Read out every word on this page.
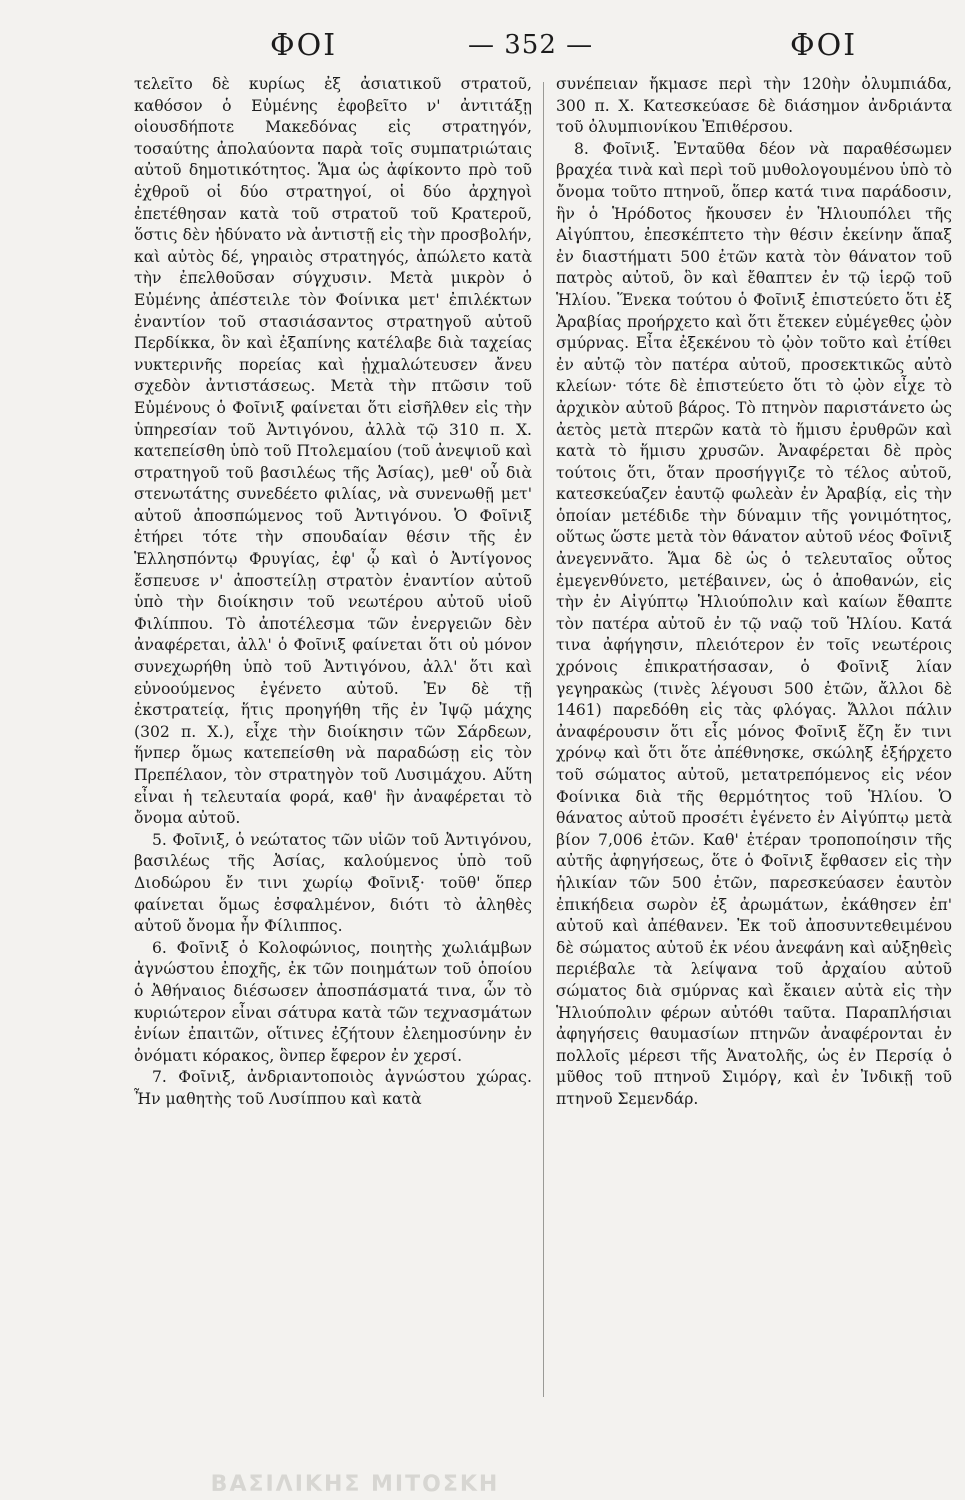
ΦΟΙ	— 352 —	ΦΟΙ

τελεῖτο δὲ κυρίως ἐξ ἀσιατικοῦ στρατοῦ, καθόσον ὁ Εὐμένης ἐφοβεῖτο ν' ἀντιτάξῃ οἱουσδήποτε Μακεδόνας εἰς στρατηγόν, τοσαύτης ἀπολαύοντα παρὰ τοῖς συμπατριώταις αὐτοῦ δημοτικότητος. Ἅμα ὡς ἀφίκοντο πρὸ τοῦ ἐχθροῦ οἱ δύο στρατηγοί, οἱ δύο ἀρχηγοὶ ἐπετέθησαν κατὰ τοῦ στρατοῦ τοῦ Κρατεροῦ, ὅστις δὲν ἠδύνατο νὰ ἀντιστῇ εἰς τὴν προσβολήν, καὶ αὐτὸς δέ, γηραιὸς στρατηγός, ἀπώλετο κατὰ τὴν ἐπελθοῦσαν σύγχυσιν. Μετὰ μικρὸν ὁ Εὐμένης ἀπέστειλε τὸν Φοίνικα μετ' ἐπιλέκτων ἐναντίον τοῦ στασιάσαντος στρατηγοῦ αὐτοῦ Περδίκκα, ὃν καὶ ἐξαπίνης κατέλαβε διὰ ταχείας νυκτερινῆς πορείας καὶ ᾐχμαλώτευσεν ἄνευ σχεδὸν ἀντιστάσεως. Μετὰ τὴν πτῶσιν τοῦ Εὐμένους ὁ Φοῖνιξ φαίνεται ὅτι εἰσῆλθεν εἰς τὴν ὑπηρεσίαν τοῦ Ἀντιγόνου, ἀλλὰ τῷ 310 π. Χ. κατεπείσθη ὑπὸ τοῦ Πτολεμαίου (τοῦ ἀνεψιοῦ καὶ στρατηγοῦ τοῦ βασιλέως τῆς Ἀσίας), μεθ' οὗ διὰ στενωτάτης συνεδέετο φιλίας, νὰ συνενωθῇ μετ' αὐτοῦ ἀποσπώμενος τοῦ Ἀντιγόνου. Ὁ Φοῖνιξ ἐτήρει τότε τὴν σπουδαίαν θέσιν τῆς ἐν Ἑλλησπόντῳ Φρυγίας, ἐφ' ᾧ καὶ ὁ Ἀντίγονος ἔσπευσε ν' ἀποστείλῃ στρατὸν ἐναντίον αὐτοῦ ὑπὸ τὴν διοίκησιν τοῦ νεωτέρου αὐτοῦ υἱοῦ Φιλίππου. Τὸ ἀποτέλεσμα τῶν ἐνεργειῶν δὲν ἀναφέρεται, ἀλλ' ὁ Φοῖνιξ φαίνεται ὅτι οὐ μόνον συνεχωρήθη ὑπὸ τοῦ Ἀντιγόνου, ἀλλ' ὅτι καὶ εὐνοούμενος ἐγένετο αὐτοῦ. Ἐν δὲ τῇ ἐκστρατείᾳ, ἥτις προηγήθη τῆς ἐν Ἰψῷ μάχης (302 π. Χ.), εἶχε τὴν διοίκησιν τῶν Σάρδεων, ἥνπερ ὅμως κατεπείσθη νὰ παραδώσῃ εἰς τὸν Πρεπέλαον, τὸν στρατηγὸν τοῦ Λυσιμάχου. Αὕτη εἶναι ἡ τελευταία φορά, καθ' ἣν ἀναφέρεται τὸ ὄνομα αὐτοῦ.

5. Φοῖνιξ, ὁ νεώτατος τῶν υἱῶν τοῦ Ἀντιγόνου, βασιλέως τῆς Ἀσίας, καλούμενος ὑπὸ τοῦ Διοδώρου ἔν τινι χωρίῳ Φοῖνιξ· τοῦθ' ὅπερ φαίνεται ὅμως ἐσφαλμένον, διότι τὸ ἀληθὲς αὐτοῦ ὄνομα ἦν Φίλιππος.

6. Φοῖνιξ ὁ Κολοφώνιος, ποιητὴς χωλιάμβων ἀγνώστου ἐποχῆς, ἐκ τῶν ποιημάτων τοῦ ὁποίου ὁ Ἀθήναιος διέσωσεν ἀποσπάσματά τινα, ὧν τὸ κυριώτερον εἶναι σάτυρα κατὰ τῶν τεχνασμάτων ἐνίων ἐπαιτῶν, οἵτινες ἐζήτουν ἐλεημοσύνην ἐν ὀνόματι κόρακος, ὃνπερ ἔφερον ἐν χερσί.

7. Φοῖνιξ, ἀνδριαντοποιὸς ἀγνώστου χώρας. Ἦν μαθητὴς τοῦ Λυσίππου καὶ κατὰ

συνέπειαν ἤκμασε περὶ τὴν 120ὴν ὀλυμπιάδα, 300 π. Χ. Κατεσκεύασε δὲ διάσημον ἀνδριάντα τοῦ ὀλυμπιονίκου Ἐπιθέρσου.

8. Φοῖνιξ. Ἐνταῦθα δέον νὰ παραθέσωμεν βραχέα τινὰ καὶ περὶ τοῦ μυθολογουμένου ὑπὸ τὸ ὄνομα τοῦτο πτηνοῦ, ὅπερ κατά τινα παράδοσιν, ἣν ὁ Ἡρόδοτος ἤκουσεν ἐν Ἡλιουπόλει τῆς Αἰγύπτου, ἐπεσκέπτετο τὴν θέσιν ἐκείνην ἅπαξ ἐν διαστήματι 500 ἐτῶν κατὰ τὸν θάνατον τοῦ πατρὸς αὐτοῦ, ὃν καὶ ἔθαπτεν ἐν τῷ ἱερῷ τοῦ Ἡλίου. Ἕνεκα τούτου ὁ Φοῖνιξ ἐπιστεύετο ὅτι ἐξ Ἀραβίας προήρχετο καὶ ὅτι ἔτεκεν εὐμέγεθες ᾠὸν σμύρνας. Εἶτα ἐξεκένου τὸ ᾠὸν τοῦτο καὶ ἐτίθει ἐν αὐτῷ τὸν πατέρα αὐτοῦ, προσεκτικῶς αὐτὸ κλείων· τότε δὲ ἐπιστεύετο ὅτι τὸ ᾠὸν εἶχε τὸ ἀρχικὸν αὐτοῦ βάρος. Τὸ πτηνὸν παριστάνετο ὡς ἀετὸς μετὰ πτερῶν κατὰ τὸ ἥμισυ ἐρυθρῶν καὶ κατὰ τὸ ἥμισυ χρυσῶν. Ἀναφέρεται δὲ πρὸς τούτοις ὅτι, ὅταν προσήγγιζε τὸ τέλος αὐτοῦ, κατεσκεύαζεν ἑαυτῷ φωλεὰν ἐν Ἀραβίᾳ, εἰς τὴν ὁποίαν μετέδιδε τὴν δύναμιν τῆς γονιμότητος, οὕτως ὥστε μετὰ τὸν θάνατον αὐτοῦ νέος Φοῖνιξ ἀνεγεννᾶτο. Ἅμα δὲ ὡς ὁ τελευταῖος οὗτος ἐμεγενθύνετο, μετέβαινεν, ὡς ὁ ἀποθανών, εἰς τὴν ἐν Αἰγύπτῳ Ἡλιούπολιν καὶ καίων ἔθαπτε τὸν πατέρα αὐτοῦ ἐν τῷ ναῷ τοῦ Ἡλίου. Κατά τινα ἀφήγησιν, πλειότερον ἐν τοῖς νεωτέροις χρόνοις ἐπικρατήσασαν, ὁ Φοῖνιξ λίαν γεγηρακὼς (τινὲς λέγουσι 500 ἐτῶν, ἄλλοι δὲ 1461) παρεδόθη εἰς τὰς φλόγας. Ἄλλοι πάλιν ἀναφέρουσιν ὅτι εἷς μόνος Φοῖνιξ ἔζη ἔν τινι χρόνῳ καὶ ὅτι ὅτε ἀπέθνησκε, σκώληξ ἐξήρχετο τοῦ σώματος αὐτοῦ, μετατρεπόμενος εἰς νέον Φοίνικα διὰ τῆς θερμότητος τοῦ Ἡλίου. Ὁ θάνατος αὐτοῦ προσέτι ἐγένετο ἐν Αἰγύπτῳ μετὰ βίον 7,006 ἐτῶν. Καθ' ἑτέραν τροποποίησιν τῆς αὐτῆς ἀφηγήσεως, ὅτε ὁ Φοῖνιξ ἔφθασεν εἰς τὴν ἡλικίαν τῶν 500 ἐτῶν, παρεσκεύασεν ἑαυτὸν ἐπικήδεια σωρὸν ἐξ ἀρωμάτων, ἐκάθησεν ἐπ' αὐτοῦ καὶ ἀπέθανεν. Ἐκ τοῦ ἀποσυντεθειμένου δὲ σώματος αὐτοῦ ἐκ νέου ἀνεφάνη καὶ αὐξηθεὶς περιέβαλε τὰ λείψανα τοῦ ἀρχαίου αὐτοῦ σώματος διὰ σμύρνας καὶ ἔκαιεν αὐτὰ εἰς τὴν Ἡλιούπολιν φέρων αὐτόθι ταῦτα. Παραπλήσιαι ἀφηγήσεις θαυμασίων πτηνῶν ἀναφέρονται ἐν πολλοῖς μέρεσι τῆς Ἀνατολῆς, ὡς ἐν Περσίᾳ ὁ μῦθος τοῦ πτηνοῦ Σιμόργ, καὶ ἐν Ἰνδικῇ τοῦ πτηνοῦ Σεμενδάρ.

ΒΑΣΙΛΙΚΗΣ ΜΙΤΟΣΚΗ
